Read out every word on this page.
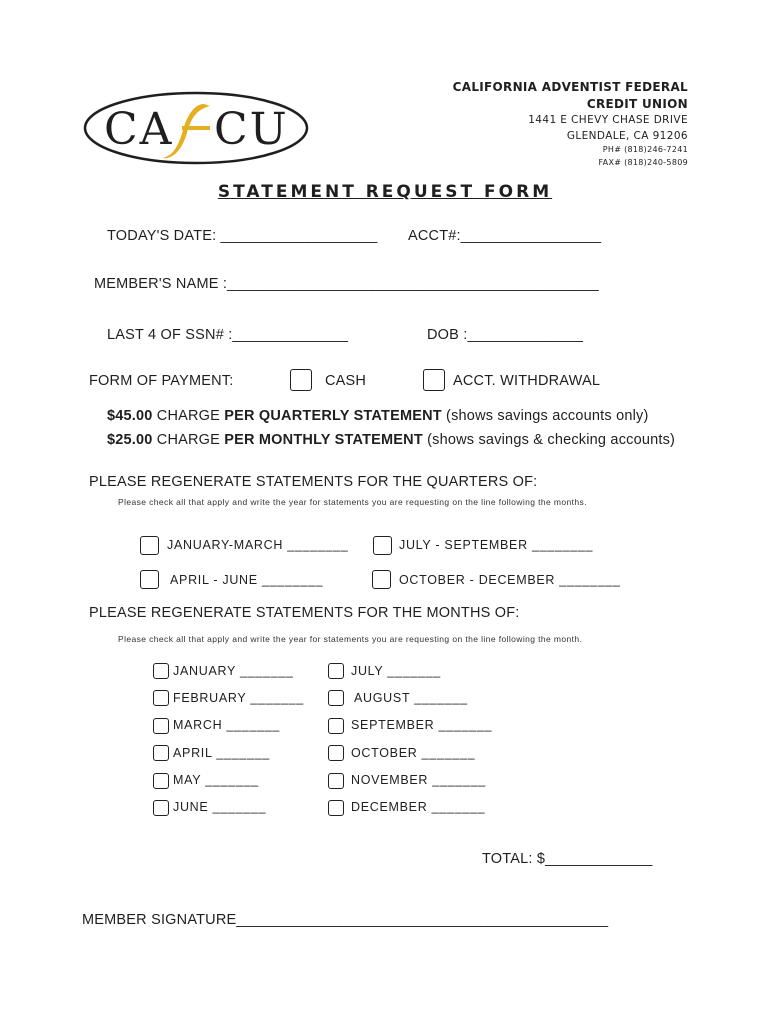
CA CU
CALIFORNIA ADVENTIST FEDERAL
CREDIT UNION
1441 E CHEVY CHASE DRIVE
GLENDALE, CA 91206
PH# (818)246-7241
FAX# (818)240-5809
STATEMENT REQUEST FORM
TODAY'S DATE: ___________________ ACCT#:_________________
MEMBER'S NAME :_____________________________________________
LAST 4 OF SSN# :______________	DOB :______________
FORM OF PAYMENT:	CASH	ACCT. WITHDRAWAL
$45.00 CHARGE PER QUARTERLY STATEMENT (shows savings accounts only)
$25.00 CHARGE PER MONTHLY STATEMENT (shows savings & checking accounts)
PLEASE REGENERATE STATEMENTS FOR THE QUARTERS OF:
Please check all that apply and write the year for statements you are requesting on the line following the months.
JANUARY-MARCH ________	JULY - SEPTEMBER ________
APRIL - JUNE ________	OCTOBER - DECEMBER ________
PLEASE REGENERATE STATEMENTS FOR THE MONTHS OF:
Please check all that apply and write the year for statements you are requesting on the line following the month.
JANUARY _______	JULY _______
FEBRUARY _______	AUGUST _______
MARCH _______	SEPTEMBER _______
APRIL _______	OCTOBER _______
MAY _______	NOVEMBER _______
JUNE _______	DECEMBER _______
TOTAL: $_____________
MEMBER SIGNATURE_____________________________________________
